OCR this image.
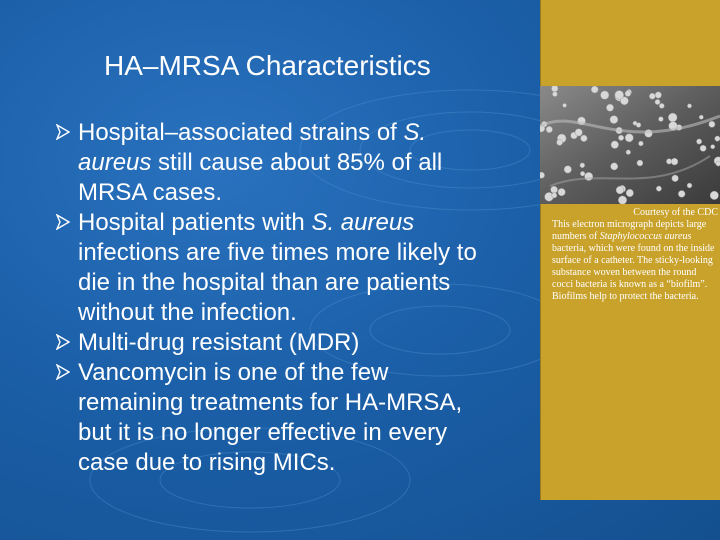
HA–MRSA Characteristics
Hospital–associated strains of S. aureus still cause about 85% of all MRSA cases.
Hospital patients with S. aureus infections are five times more likely to die in the hospital than are patients without the infection.
Multi-drug resistant (MDR)
Vancomycin is one of the few remaining treatments for HA-MRSA, but it is no longer effective in every case due to rising MICs.
Courtesy of the CDC
This electron micrograph depicts large numbers of Staphylococcus aureus bacteria, which were found on the inside surface of a catheter. The sticky-looking substance woven between the round cocci bacteria is known as a “biofilm”. Biofilms help to protect the bacteria.
